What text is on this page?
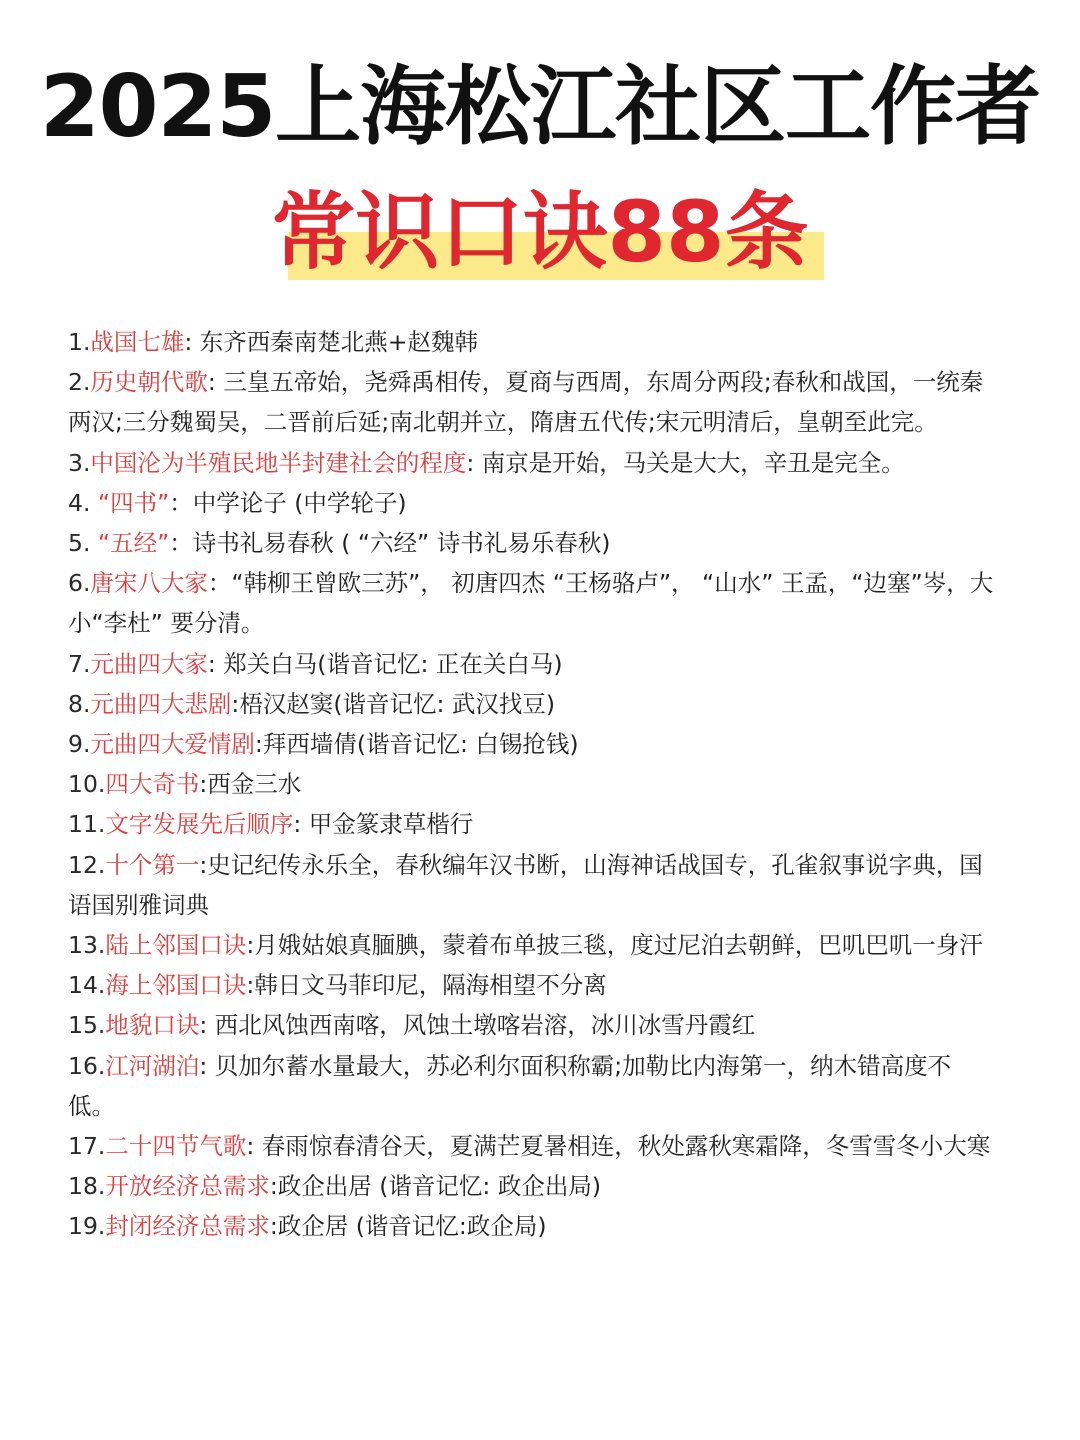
2025上海松江社区工作者
常识口诀88条
1.战国七雄: 东齐西秦南楚北燕+赵魏韩
2.历史朝代歌: 三皇五帝始，尧舜禹相传，夏商与西周，东周分两段;春秋和战国，一统秦两汉;三分魏蜀吴，二晋前后延;南北朝并立，隋唐五代传;宋元明清后，皇朝至此完。
3.中国沦为半殖民地半封建社会的程度: 南京是开始，马关是大大，辛丑是完全。
4. “四书”：中学论子 (中学轮子)
5. “五经”：诗书礼易春秋 ( “六经” 诗书礼易乐春秋)
6.唐宋八大家：“韩柳王曾欧三苏”， 初唐四杰 “王杨骆卢”， “山水” 王孟，“边塞”岑，大小“李杜” 要分清。
7.元曲四大家: 郑关白马(谐音记忆: 正在关白马)
8.元曲四大悲剧:梧汉赵窦(谐音记忆: 武汉找豆)
9.元曲四大爱情剧:拜西墙倩(谐音记忆: 白锡抢钱)
10.四大奇书:西金三水
11.文字发展先后顺序: 甲金篆隶草楷行
12.十个第一:史记纪传永乐全，春秋编年汉书断，山海神话战国专，孔雀叙事说字典，国语国别雅词典
13.陆上邻国口诀:月娥姑娘真腼腆，蒙着布单披三毯，度过尼泊去朝鲜，巴叽巴叽一身汗
14.海上邻国口诀:韩日文马菲印尼，隔海相望不分离
15.地貌口诀: 西北风蚀西南喀，风蚀土墩喀岩溶，冰川冰雪丹霞红
16.江河湖泊: 贝加尔蓄水量最大，苏必利尔面积称霸;加勒比内海第一，纳木错高度不低。
17.二十四节气歌: 春雨惊春清谷天，夏满芒夏暑相连，秋处露秋寒霜降，冬雪雪冬小大寒
18.开放经济总需求:政企出居 (谐音记忆: 政企出局)
19.封闭经济总需求:政企居 (谐音记忆:政企局)
